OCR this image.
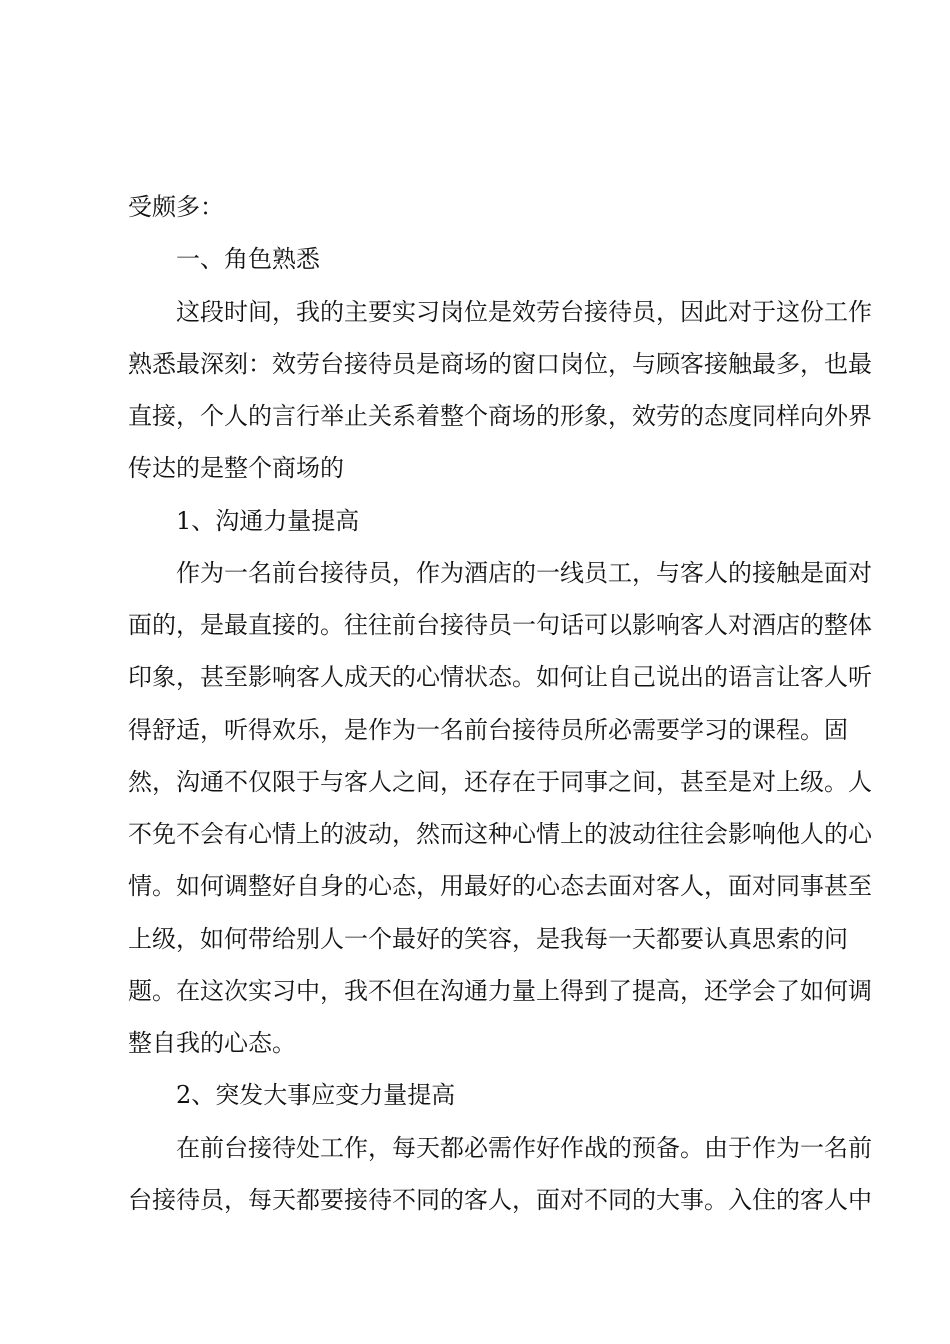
受颇多：
一、角色熟悉
这段时间，我的主要实习岗位是效劳台接待员，因此对于这份工作
熟悉最深刻：效劳台接待员是商场的窗口岗位，与顾客接触最多，也最
直接，个人的言行举止关系着整个商场的形象，效劳的态度同样向外界
传达的是整个商场的
1、沟通力量提高
作为一名前台接待员，作为酒店的一线员工，与客人的接触是面对
面的，是最直接的。往往前台接待员一句话可以影响客人对酒店的整体
印象，甚至影响客人成天的心情状态。如何让自己说出的语言让客人听
得舒适，听得欢乐，是作为一名前台接待员所必需要学习的课程。固
然，沟通不仅限于与客人之间，还存在于同事之间，甚至是对上级。人
不免不会有心情上的波动，然而这种心情上的波动往往会影响他人的心
情。如何调整好自身的心态，用最好的心态去面对客人，面对同事甚至
上级，如何带给别人一个最好的笑容，是我每一天都要认真思索的问
题。在这次实习中，我不但在沟通力量上得到了提高，还学会了如何调
整自我的心态。
2、突发大事应变力量提高
在前台接待处工作，每天都必需作好作战的预备。由于作为一名前
台接待员，每天都要接待不同的客人，面对不同的大事。入住的客人中
